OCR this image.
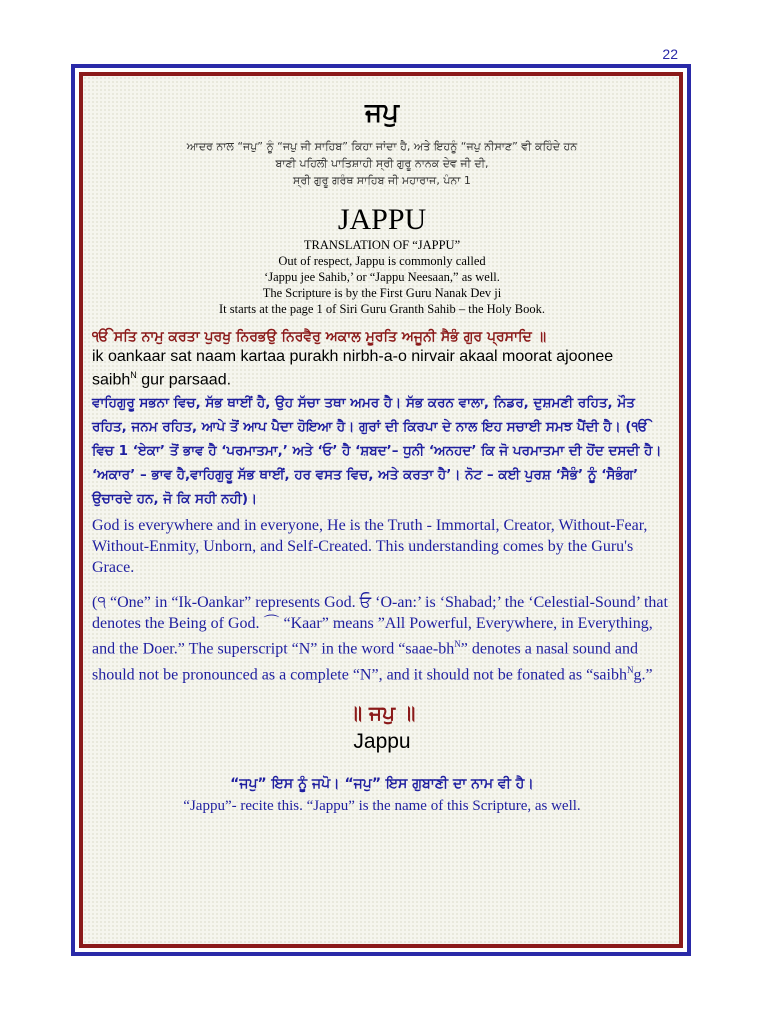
22
ਜਪੁ
ਆਦਰ ਨਾਲ “ਜਪੁ” ਨੂੰ “ਜਪੁ ਜੀ ਸਾਹਿਬ” ਕਿਹਾ ਜਾਂਦਾ ਹੈ, ਅਤੇ ਇਹਨੂੰ “ਜਪੁ ਨੀਸਾਣ” ਵੀ ਕਹਿੰਦੇ ਹਨ
ਬਾਣੀ ਪਹਿਲੀ ਪਾਤਿਸ਼ਾਹੀ ਸ੍ਰੀ ਗੁਰੂ ਨਾਨਕ ਦੇਵ ਜੀ ਦੀ,
ਸ੍ਰੀ ਗੁਰੂ ਗਰੰਥ ਸਾਹਿਬ ਜੀ ਮਹਾਰਾਜ, ਪੰਨਾ 1
JAPPU
TRANSLATION OF “JAPPU”
Out of respect, Jappu is commonly called
‘Jappu jee Sahib,’ or “Jappu Neesaan,” as well.
The Scripture is by the First Guru Nanak Dev ji
It starts at the page 1 of Siri Guru Granth Sahib – the Holy Book.
ੴ ਸਤਿ ਨਾਮੁ ਕਰਤਾ ਪੁਰਖੁ ਨਿਰਭਉ ਨਿਰਵੈਰੁ ਅਕਾਲ ਮੂਰਤਿ ਅਜੂਨੀ ਸੈਭੰ ਗੁਰ ਪ੍ਰਸਾਦਿ ॥
ik oankaar sat naam kartaa purakh nirbh-a-o nirvair akaal moorat ajoonee
saibh$^N$ gur parsaad.
ਵਾਹਿਗੁਰੂ ਸਭਨਾ ਵਿਚ, ਸੱਭ ਥਾਈਂ ਹੈ, ਉਹ ਸੱਚਾ ਤਥਾ ਅਮਰ ਹੈ। ਸੱਭ ਕਰਨ ਵਾਲਾ, ਨਿਡਰ, ਦੁਸ਼ਮਣੀ ਰਹਿਤ, ਮੌਤ ਰਹਿਤ, ਜਨਮ ਰਹਿਤ, ਆਪੇ ਤੋਂ ਆਪ ਪੈਦਾ ਹੋਇਆ ਹੈ। ਗੁਰਾਂ ਦੀ ਕਿਰਪਾ ਦੇ ਨਾਲ ਇਹ ਸਚਾਈ ਸਮਝ ਪੈਂਦੀ ਹੈ। (ੴ ਵਿਚ 1 ‘ਏਕਾ’ ਤੋਂ ਭਾਵ ਹੈ ‘ਪਰਮਾਤਮਾ,’ ਅਤੇ ‘ਓ’ ਹੈ ‘ਸ਼ਬਦ’– ਧੁਨੀ ‘ਅਨਹਦ’ ਕਿ ਜੋ ਪਰਮਾਤਮਾ ਦੀ ਹੋਂਦ ਦਸਦੀ ਹੈ। ‘ਅਕਾਰ’ – ਭਾਵ ਹੈ,ਵਾਹਿਗੁਰੂ ਸੱਭ ਥਾਈਂ, ਹਰ ਵਸਤ ਵਿਚ, ਅਤੇ ਕਰਤਾ ਹੈ’। ਨੋਟ – ਕਈ ਪੁਰਸ਼ ‘ਸੈਭੰ’ ਨੂੰ ‘ਸੈਭੰਗ’ ਉਚਾਰਦੇ ਹਨ, ਜੋ ਕਿ ਸਹੀ ਨਹੀ)।
God is everywhere and in everyone, He is the Truth - Immortal, Creator, Without-Fear, Without-Enmity, Unborn, and Self-Created. This understanding comes by the Guru's Grace.
(੧ “One” in “Ik-Oankar” represents God. ਓ ‘O-an:’ is ‘Shabad;’ the ‘Celestial-Sound’ that denotes the Being of God. ⌒ “Kaar” means ”All Powerful, Everywhere, in Everything, and the Doer.” The superscript “N” in the word “$saae-bh^N$” denotes a nasal sound and should not be pronounced as a complete “N”, and it should not be fonated as “saibh$^N$g.”
॥ ਜਪੁ ॥
Jappu
“ਜਪੁ” ਇਸ ਨੂੰ ਜਪੋ। “ਜਪੁ” ਇਸ ਗੁਬਾਣੀ ਦਾ ਨਾਮ ਵੀ ਹੈ।
“Jappu”- recite this. “Jappu” is the name of this Scripture, as well.
